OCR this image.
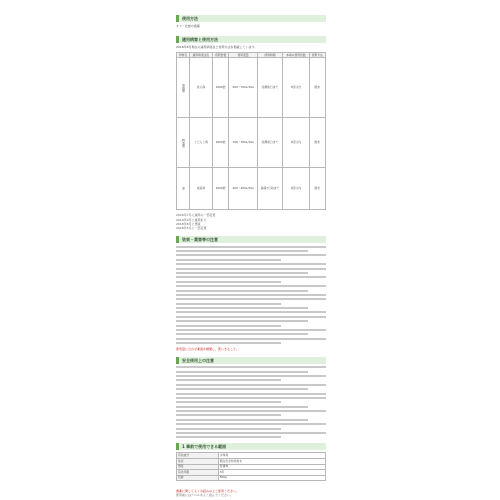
使用方法
オフ・仕様の農薬
適用病害と使用方法
2018年8月現在の適用病害虫と使用方法を掲載しています。
作物名	適用病害虫名	希釈倍数	使用液量	使用時期	本剤の使用回数	使用方法
果樹類	炭そ病	1000倍	200～700L/10a	収穫前日まで	3回以内	散布
野菜類	うどんこ病	1000倍	100～300L/10a	収穫前日まで	2回以内	散布
茶	炭疽病	1000倍	200～400L/10a	摘採7日前まで	2回以内	散布
2020年7月に適用の一部変更
2019年9月に適用拡大
2018年8月に登録
2018年5月に一部変更
効果・薬害等の注意
使用量に合わせ薬液を調製し、使いきること。
安全使用上の注意
1 事前で使用できる範囲
有効成分	水和剤
性状	類白色水和性粉末
毒性	普通物
有効年限	3年
包装	500g
農薬に関してよくお読みの上ご使用ください。
使用前にはラベルをよく読んでください。
